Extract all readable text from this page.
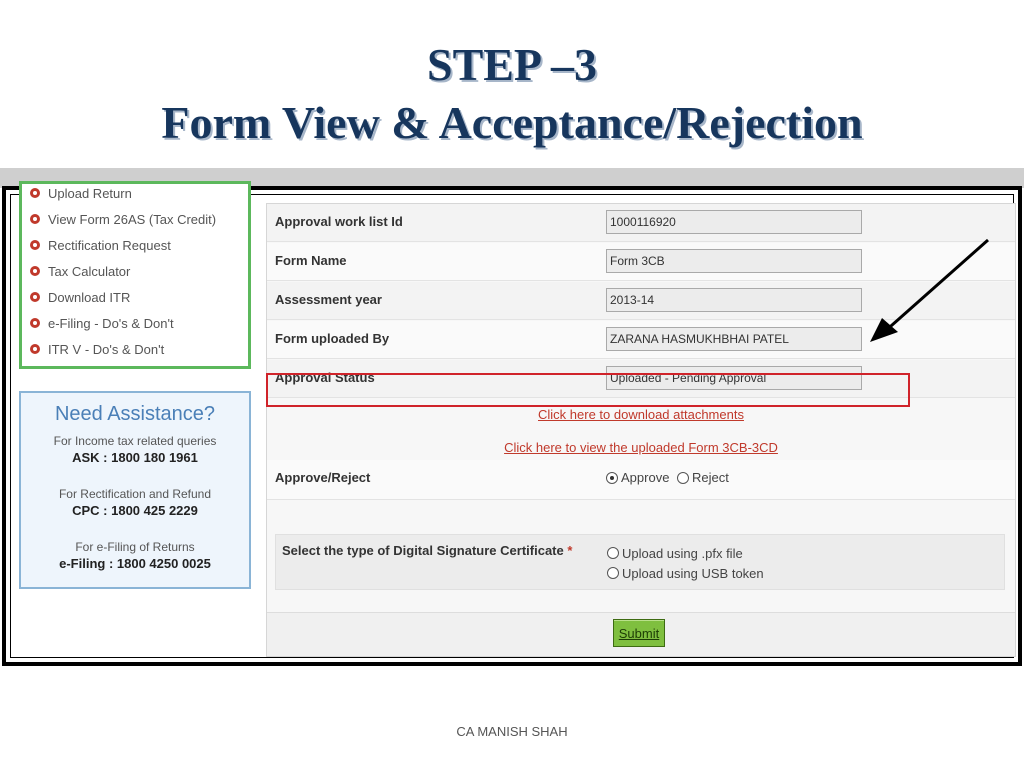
STEP –3
Form View & Acceptance/Rejection
Upload Return
View Form 26AS (Tax Credit)
Rectification Request
Tax Calculator
Download ITR
e-Filing - Do's & Don't
ITR V - Do's & Don't
Need Assistance?
For Income tax related queries
ASK : 1800 180 1961
For Rectification and Refund
CPC : 1800 425 2229
For e-Filing of Returns
e-Filing : 1800 4250 0025
Approval work list Id
1000116920
Form Name
Form 3CB
Assessment year
2013-14
Form uploaded By
ZARANA HASMUKHBHAI PATEL
Approval Status
Uploaded - Pending Approval
Click here to download attachments
Click here to view the uploaded Form 3CB-3CD
Approve/Reject	Approve
Reject
Select the type of Digital Signature Certificate *	Upload using .pfx file
Upload using USB token
Submit
CA MANISH SHAH
